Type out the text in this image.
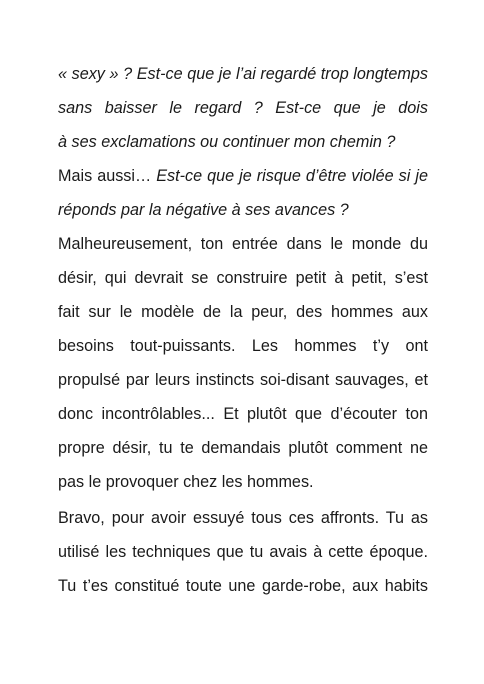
« sexy » ? Est-ce que je l’ai regardé trop longtemps
sans baisser le regard ? Est-ce que je dois
à ses exclamations ou continuer mon chemin ?
Mais aussi… Est-ce que je risque d’être violée si je
réponds par la négative à ses avances ?
Malheureusement, ton entrée dans le monde du
désir, qui devrait se construire petit à petit, s’est
fait sur le modèle de la peur, des hommes aux
besoins tout-puissants. Les hommes t’y ont
propulsé par leurs instincts soi-disant sauvages, et
donc incontrôlables... Et plutôt que d’écouter ton
propre désir, tu te demandais plutôt comment ne
pas le provoquer chez les hommes.
Bravo, pour avoir essuyé tous ces affronts. Tu as
utilisé les techniques que tu avais à cette époque.
Tu t’es constitué toute une garde-robe, aux habits
